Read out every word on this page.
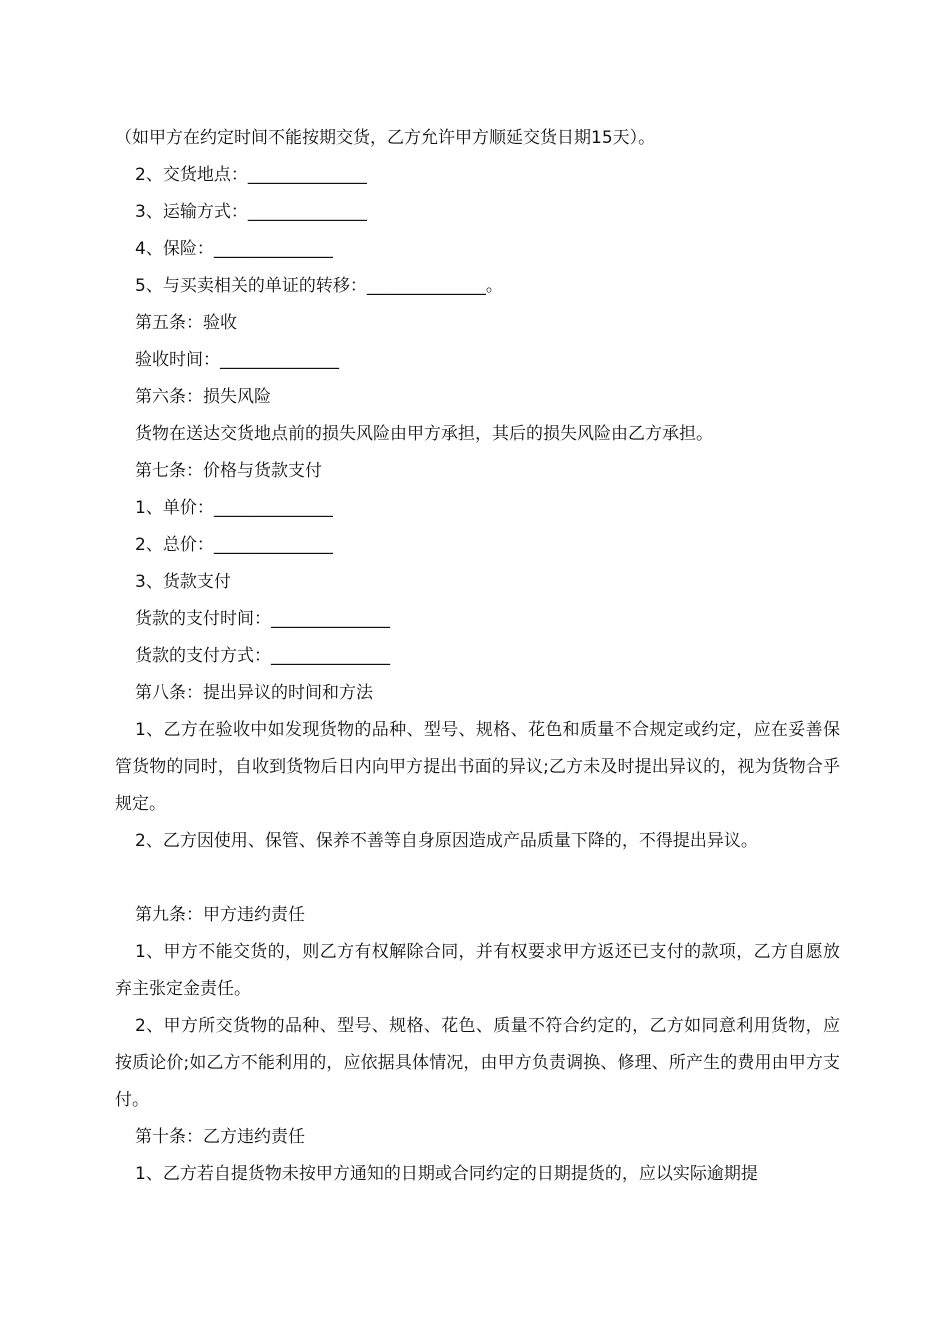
（如甲方在约定时间不能按期交货，乙方允许甲方顺延交货日期15天）。
2、交货地点：______________
3、运输方式：______________
4、保险：______________
5、与买卖相关的单证的转移：______________。
第五条：验收
验收时间：______________
第六条：损失风险
货物在送达交货地点前的损失风险由甲方承担，其后的损失风险由乙方承担。
第七条：价格与货款支付
1、单价：______________
2、总价：______________
3、货款支付
货款的支付时间：______________
货款的支付方式：______________
第八条：提出异议的时间和方法
1、乙方在验收中如发现货物的品种、型号、规格、花色和质量不合规定或约定，应在妥善保管货物的同时，自收到货物后日内向甲方提出书面的异议;乙方未及时提出异议的，视为货物合乎规定。
2、乙方因使用、保管、保养不善等自身原因造成产品质量下降的，不得提出异议。
第九条：甲方违约责任
1、甲方不能交货的，则乙方有权解除合同，并有权要求甲方返还已支付的款项，乙方自愿放弃主张定金责任。
2、甲方所交货物的品种、型号、规格、花色、质量不符合约定的，乙方如同意利用货物，应按质论价;如乙方不能利用的，应依据具体情况，由甲方负责调换、修理、所产生的费用由甲方支付。
第十条：乙方违约责任
1、乙方若自提货物未按甲方通知的日期或合同约定的日期提货的，应以实际逾期提
